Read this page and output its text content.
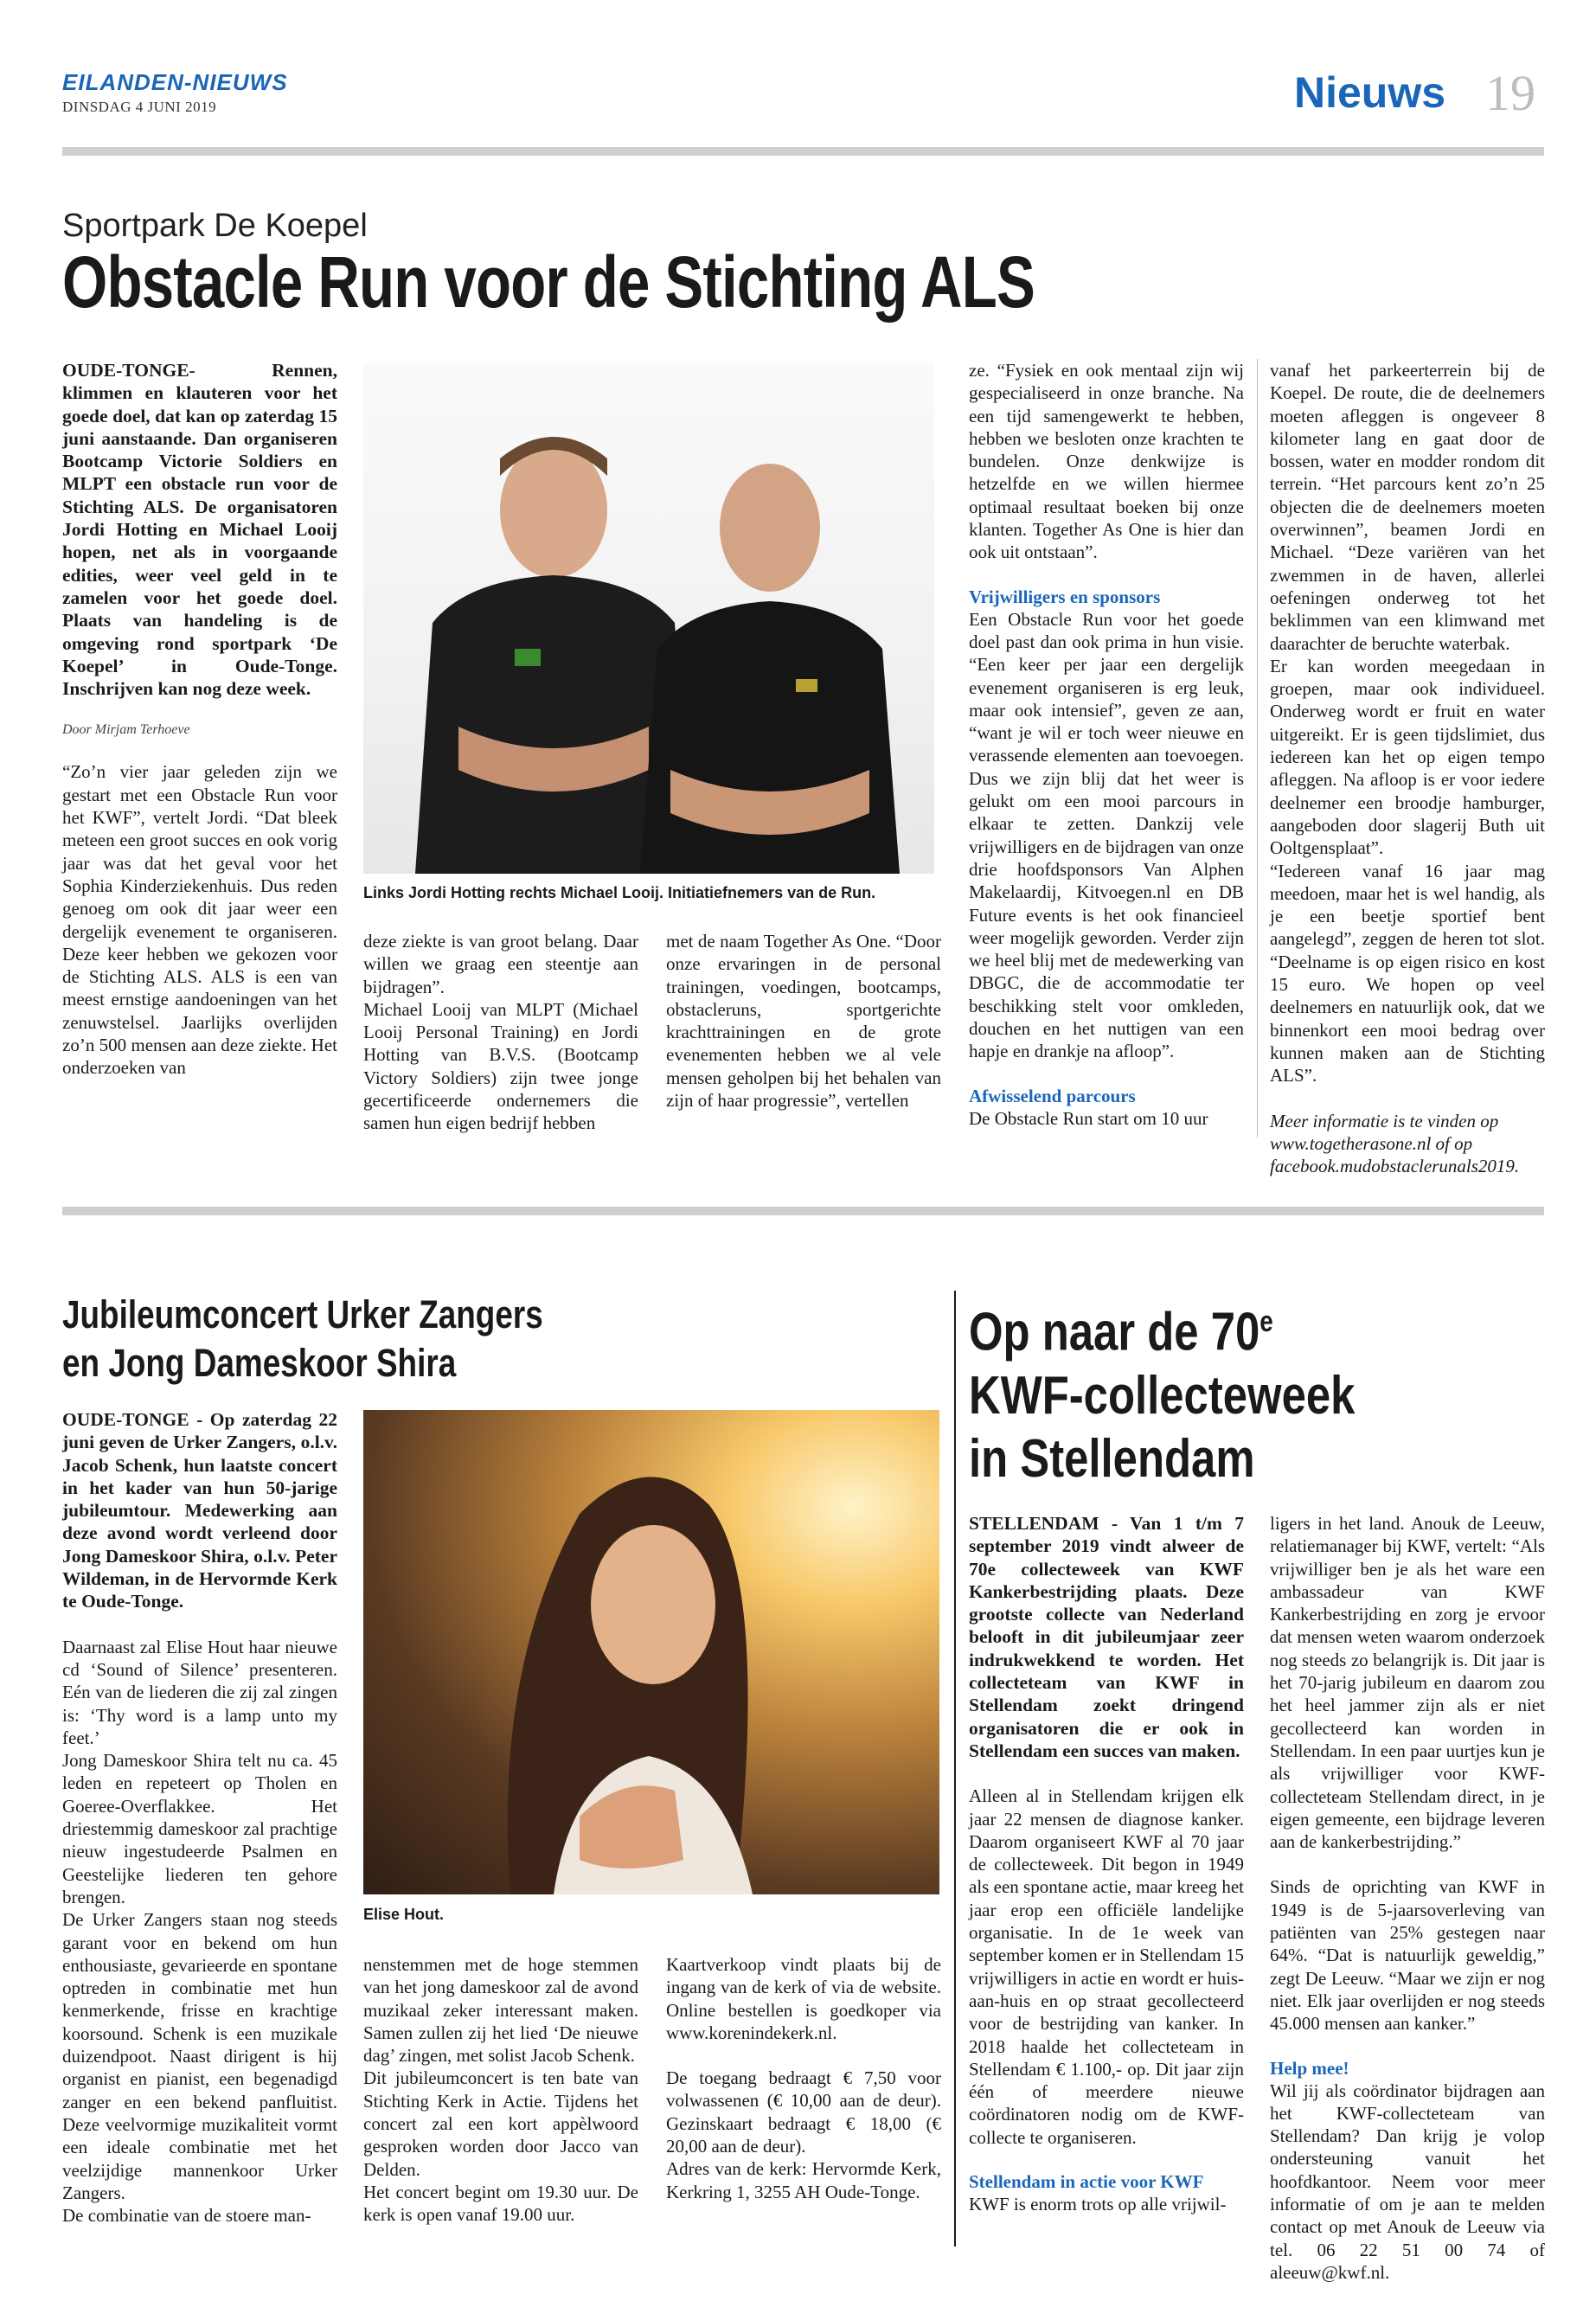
EILANDEN-NIEUWS
DINSDAG 4 JUNI 2019	Nieuws 19
Sportpark De Koepel
Obstacle Run voor de Stichting ALS
OUDE-TONGE- Rennen, klimmen en klauteren voor het goede doel, dat kan op zaterdag 15 juni aanstaande. Dan organiseren Bootcamp Victorie Soldiers en MLPT een obstacle run voor de Stichting ALS. De organisatoren Jordi Hotting en Michael Looij hopen, net als in voorgaande edities, weer veel geld in te zamelen voor het goede doel. Plaats van handeling is de omgeving rond sportpark ‘De Koepel’ in Oude-Tonge. Inschrijven kan nog deze week.
Door Mirjam Terhoeve
“Zo’n vier jaar geleden zijn we gestart met een Obstacle Run voor het KWF”, vertelt Jordi. “Dat bleek meteen een groot succes en ook vorig jaar was dat het geval voor het Sophia Kinderziekenhuis. Dus reden genoeg om ook dit jaar weer een dergelijk evenement te organiseren. Deze keer hebben we gekozen voor de Stichting ALS. ALS is een van meest ernstige aandoeningen van het zenuwstelsel. Jaarlijks overlijden zo’n 500 mensen aan deze ziekte. Het onderzoeken van
Links Jordi Hotting rechts Michael Looij. Initiatiefnemers van de Run.
deze ziekte is van groot belang. Daar willen we graag een steentje aan bijdragen”.
Michael Looij van MLPT (Michael Looij Personal Training) en Jordi Hotting van B.V.S. (Bootcamp Victory Soldiers) zijn twee jonge gecertificeerde ondernemers die samen hun eigen bedrijf hebben
met de naam Together As One. “Door onze ervaringen in de personal trainingen, voedingen, bootcamps, obstacleruns, sportgerichte krachttrainingen en de grote evenementen hebben we al vele mensen geholpen bij het behalen van zijn of haar progressie”, vertellen
ze. “Fysiek en ook mentaal zijn wij gespecialiseerd in onze branche. Na een tijd samengewerkt te hebben, hebben we besloten onze krachten te bundelen. Onze denkwijze is hetzelfde en we willen hiermee optimaal resultaat boeken bij onze klanten. Together As One is hier dan ook uit ontstaan”.
Vrijwilligers en sponsors
Een Obstacle Run voor het goede doel past dan ook prima in hun visie. “Een keer per jaar een dergelijk evenement organiseren is erg leuk, maar ook intensief”, geven ze aan, “want je wil er toch weer nieuwe en verassende elementen aan toevoegen. Dus we zijn blij dat het weer is gelukt om een mooi parcours in elkaar te zetten. Dankzij vele vrijwilligers en de bijdragen van onze drie hoofdsponsors Van Alphen Makelaardij, Kitvoegen.nl en DB Future events is het ook financieel weer mogelijk geworden. Verder zijn we heel blij met de medewerking van DBGC, die de accommodatie ter beschikking stelt voor omkleden, douchen en het nuttigen van een hapje en drankje na afloop”.
Afwisselend parcours
De Obstacle Run start om 10 uur
vanaf het parkeerterrein bij de Koepel. De route, die de deelnemers moeten afleggen is ongeveer 8 kilometer lang en gaat door de bossen, water en modder rondom dit terrein. “Het parcours kent zo’n 25 objecten die de deelnemers moeten overwinnen”, beamen Jordi en Michael. “Deze variëren van het zwemmen in de haven, allerlei oefeningen onderweg tot het beklimmen van een klimwand met daarachter de beruchte waterbak.
Er kan worden meegedaan in groepen, maar ook individueel. Onderweg wordt er fruit en water uitgereikt. Er is geen tijdslimiet, dus iedereen kan het op eigen tempo afleggen. Na afloop is er voor iedere deelnemer een broodje hamburger, aangeboden door slagerij Buth uit Ooltgensplaat”.
“Iedereen vanaf 16 jaar mag meedoen, maar het is wel handig, als je een beetje sportief bent aangelegd”, zeggen de heren tot slot. “Deelname is op eigen risico en kost 15 euro. We hopen op veel deelnemers en natuurlijk ook, dat we binnenkort een mooi bedrag over kunnen maken aan de Stichting ALS”.
Meer informatie is te vinden op www.togetherasone.nl of op facebook.mudobstaclerunals2019.
Jubileumconcert Urker Zangers
en Jong Dameskoor Shira
OUDE-TONGE - Op zaterdag 22 juni geven de Urker Zangers, o.l.v. Jacob Schenk, hun laatste concert in het kader van hun 50-jarige jubileumtour. Medewerking aan deze avond wordt verleend door Jong Dameskoor Shira, o.l.v. Peter Wildeman, in de Hervormde Kerk te Oude-Tonge.
Daarnaast zal Elise Hout haar nieuwe cd ‘Sound of Silence’ presenteren. Eén van de liederen die zij zal zingen is: ‘Thy word is a lamp unto my feet.’
Jong Dameskoor Shira telt nu ca. 45 leden en repeteert op Tholen en Goeree-Overflakkee. Het driestemmig dameskoor zal prachtige nieuw ingestudeerde Psalmen en Geestelijke liederen ten gehore brengen.
De Urker Zangers staan nog steeds garant voor en bekend om hun enthousiaste, gevarieerde en spontane optreden in combinatie met hun kenmerkende, frisse en krachtige koorsound. Schenk is een muzikale duizendpoot. Naast dirigent is hij organist en pianist, een begenadigd zanger en een bekend panfluitist. Deze veelvormige muzikaliteit vormt een ideale combinatie met het veelzijdige mannenkoor Urker Zangers.
De combinatie van de stoere man-
Elise Hout.
nenstemmen met de hoge stemmen van het jong dameskoor zal de avond muzikaal zeker interessant maken. Samen zullen zij het lied ‘De nieuwe dag’ zingen, met solist Jacob Schenk.
Dit jubileumconcert is ten bate van Stichting Kerk in Actie. Tijdens het concert zal een kort appèlwoord gesproken worden door Jacco van Delden.
Het concert begint om 19.30 uur. De kerk is open vanaf 19.00 uur.
Kaartverkoop vindt plaats bij de ingang van de kerk of via de website. Online bestellen is goedkoper via www.korenindekerk.nl.
De toegang bedraagt € 7,50 voor volwassenen (€ 10,00 aan de deur). Gezinskaart bedraagt € 18,00 (€ 20,00 aan de deur).
Adres van de kerk: Hervormde Kerk, Kerkring 1, 3255 AH Oude-Tonge.
Op naar de 70e
KWF-collecteweek
in Stellendam
STELLENDAM - Van 1 t/m 7 september 2019 vindt alweer de 70e collecteweek van KWF Kankerbestrijding plaats. Deze grootste collecte van Nederland belooft in dit jubileumjaar zeer indrukwekkend te worden. Het collecteteam van KWF in Stellendam zoekt dringend organisatoren die er ook in Stellendam een succes van maken.
Alleen al in Stellendam krijgen elk jaar 22 mensen de diagnose kanker. Daarom organiseert KWF al 70 jaar de collecteweek. Dit begon in 1949 als een spontane actie, maar kreeg het jaar erop een officiële landelijke organisatie. In de 1e week van september komen er in Stellendam 15 vrijwilligers in actie en wordt er huis-aan-huis en op straat gecollecteerd voor de bestrijding van kanker. In 2018 haalde het collecteteam in Stellendam € 1.100,- op. Dit jaar zijn één of meerdere nieuwe coördinatoren nodig om de KWF-collecte te organiseren.
Stellendam in actie voor KWF
KWF is enorm trots op alle vrijwil-
ligers in het land. Anouk de Leeuw, relatiemanager bij KWF, vertelt: “Als vrijwilliger ben je als het ware een ambassadeur van KWF Kankerbestrijding en zorg je ervoor dat mensen weten waarom onderzoek nog steeds zo belangrijk is. Dit jaar is het 70-jarig jubileum en daarom zou het heel jammer zijn als er niet gecollecteerd kan worden in Stellendam. In een paar uurtjes kun je als vrijwilliger voor KWF-collecteteam Stellendam direct, in je eigen gemeente, een bijdrage leveren aan de kankerbestrijding.”
Sinds de oprichting van KWF in 1949 is de 5-jaarsoverleving van patiënten van 25% gestegen naar 64%. “Dat is natuurlijk geweldig,” zegt De Leeuw. “Maar we zijn er nog niet. Elk jaar overlijden er nog steeds 45.000 mensen aan kanker.”
Help mee!
Wil jij als coördinator bijdragen aan het KWF-collecteteam van Stellendam? Dan krijg je volop ondersteuning vanuit het hoofdkantoor. Neem voor meer informatie of om je aan te melden contact op met Anouk de Leeuw via tel. 06 22 51 00 74 of aleeuw@kwf.nl.
